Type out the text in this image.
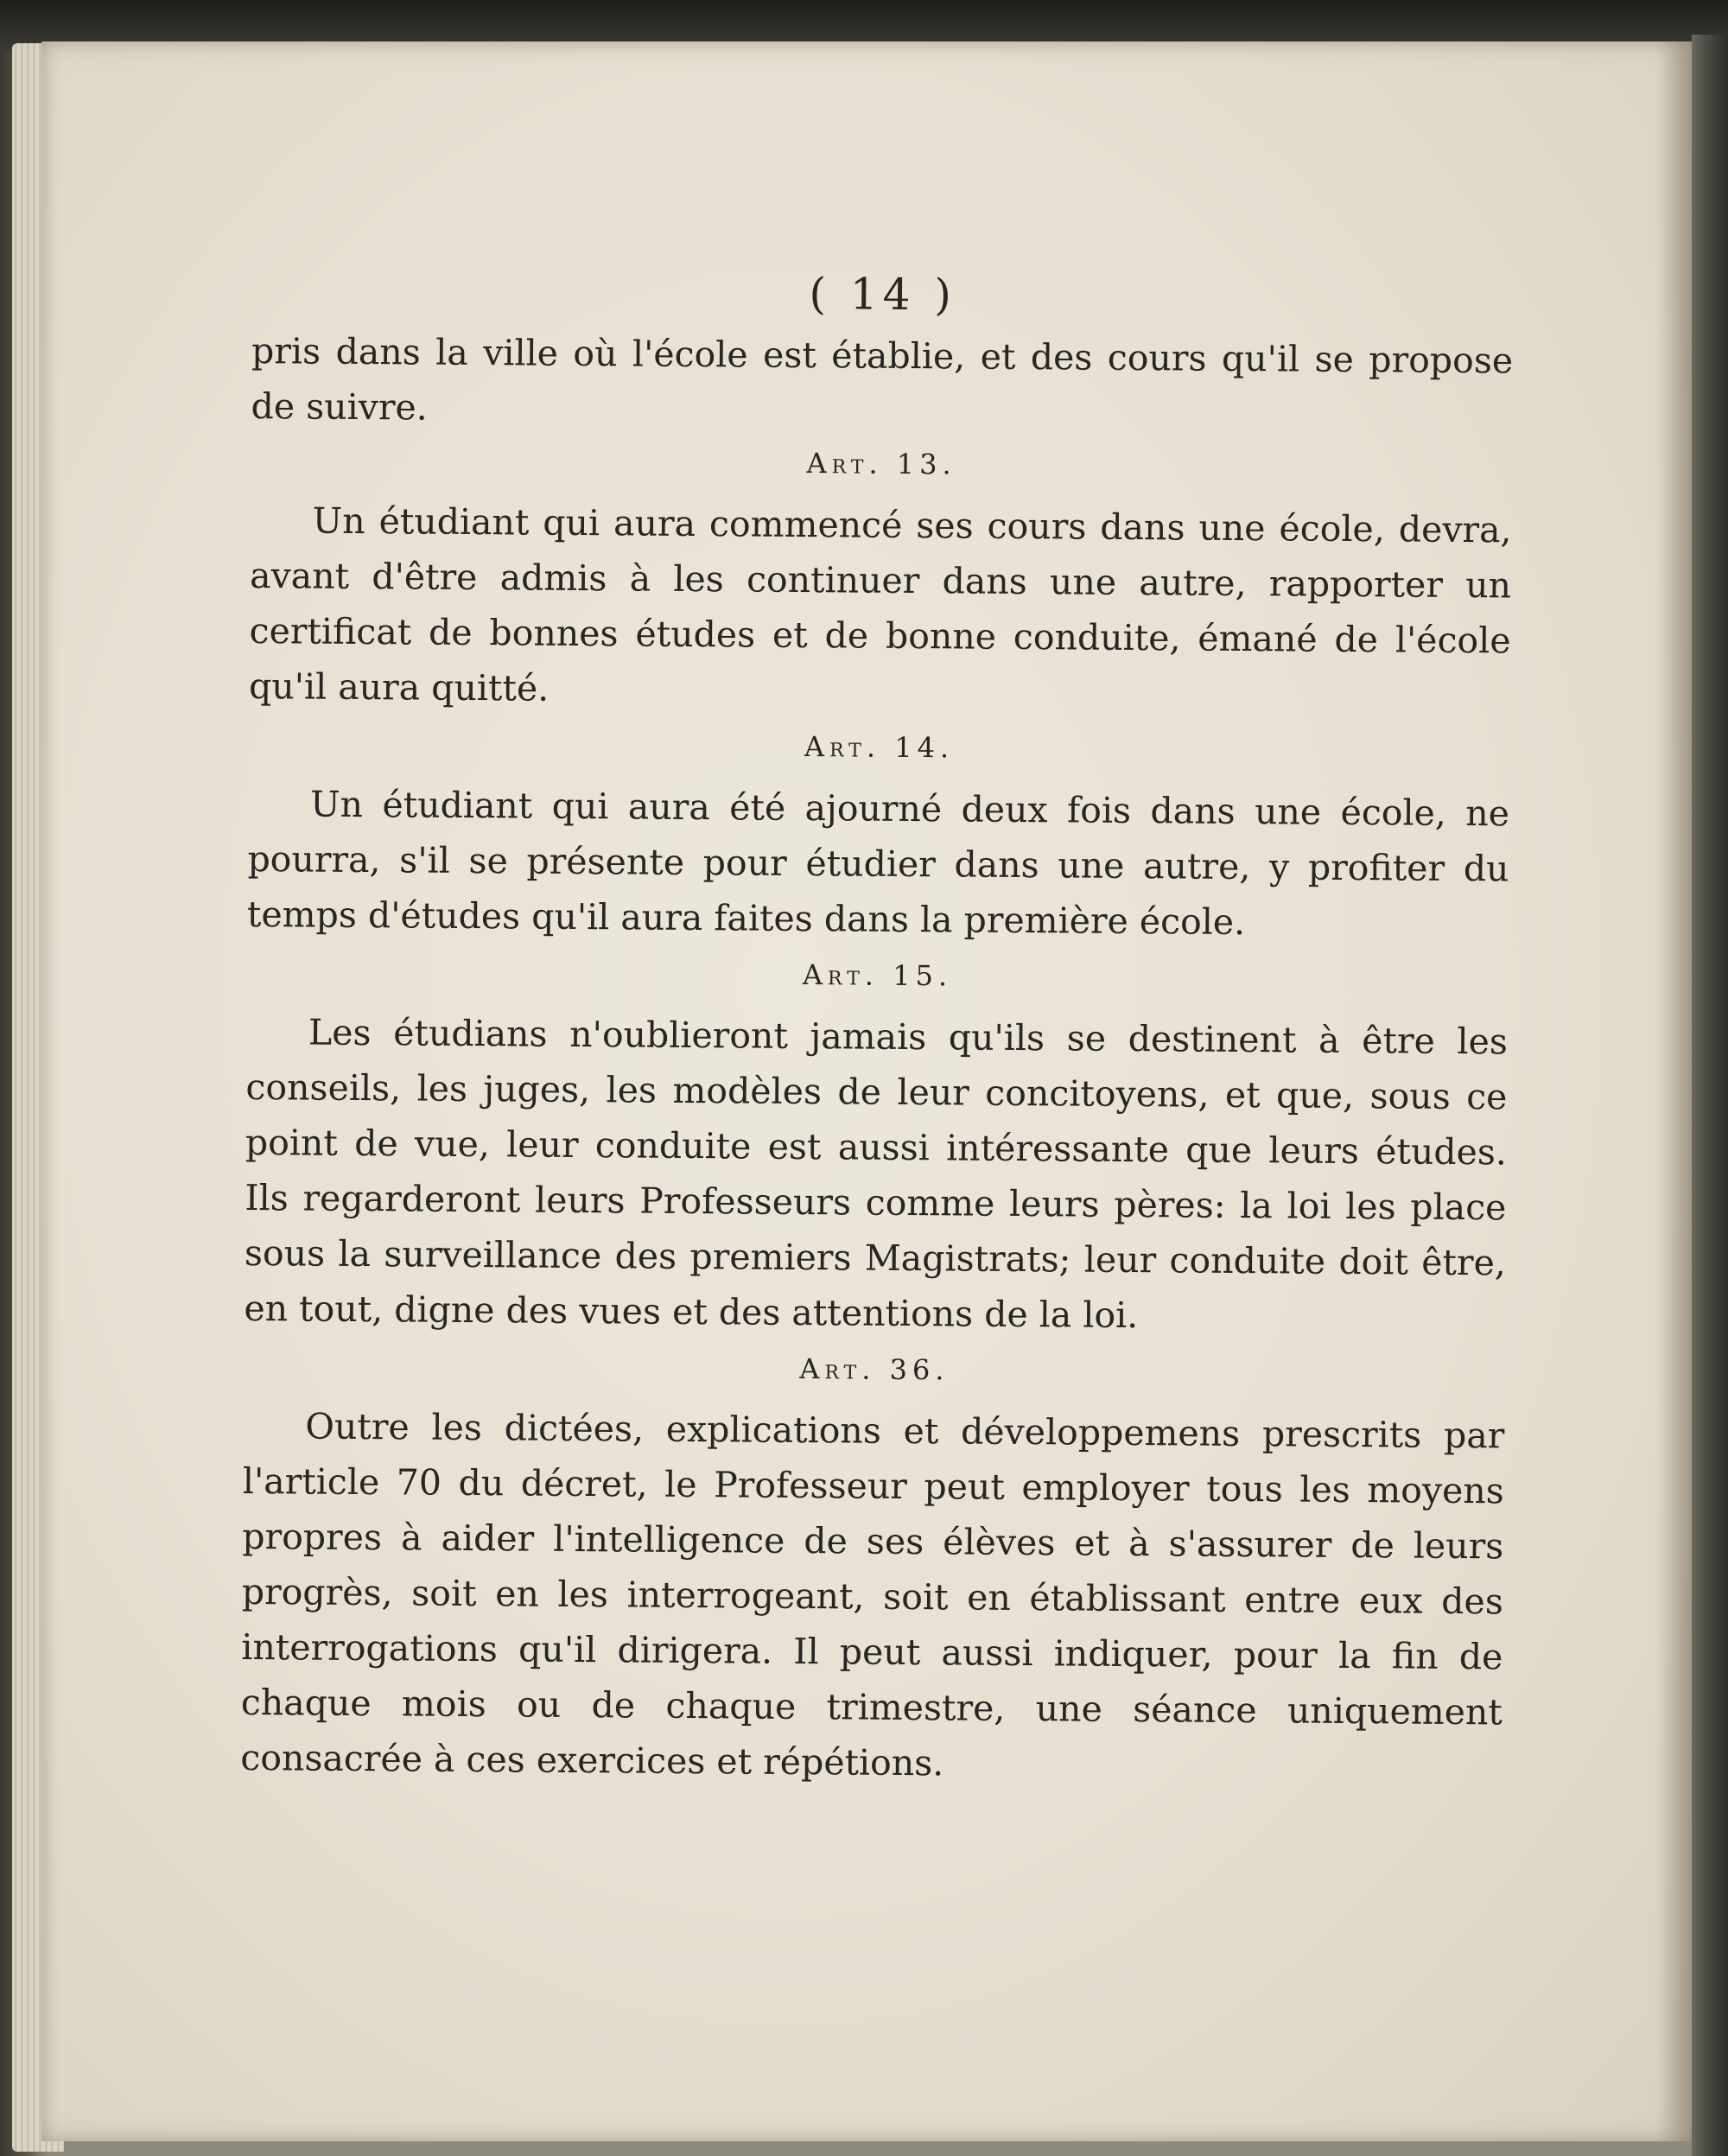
( 14 )

pris dans la ville où l'école est établie, et des cours qu'il se propose de suivre.

Art. 13.

Un étudiant qui aura commencé ses cours dans une école, devra, avant d'être admis à les continuer dans une autre, rapporter un certificat de bonnes études et de bonne conduite, émané de l'école qu'il aura quitté.

Art. 14.

Un étudiant qui aura été ajourné deux fois dans une école, ne pourra, s'il se présente pour étudier dans une autre, y profiter du temps d'études qu'il aura faites dans la première école.

Art. 15.

Les étudians n'oublieront jamais qu'ils se destinent à être les conseils, les juges, les modèles de leur concitoyens, et que, sous ce point de vue, leur conduite est aussi intéressante que leurs études. Ils regarderont leurs Professeurs comme leurs pères: la loi les place sous la surveillance des premiers Magistrats; leur conduite doit être, en tout, digne des vues et des attentions de la loi.

Art. 36.

Outre les dictées, explications et développemens prescrits par l'article 70 du décret, le Professeur peut employer tous les moyens propres à aider l'intelligence de ses élèves et à s'assurer de leurs progrès, soit en les interrogeant, soit en établissant entre eux des interrogations qu'il dirigera. Il peut aussi indiquer, pour la fin de chaque mois ou de chaque trimestre, une séance uniquement consacrée à ces exercices et répétions.
